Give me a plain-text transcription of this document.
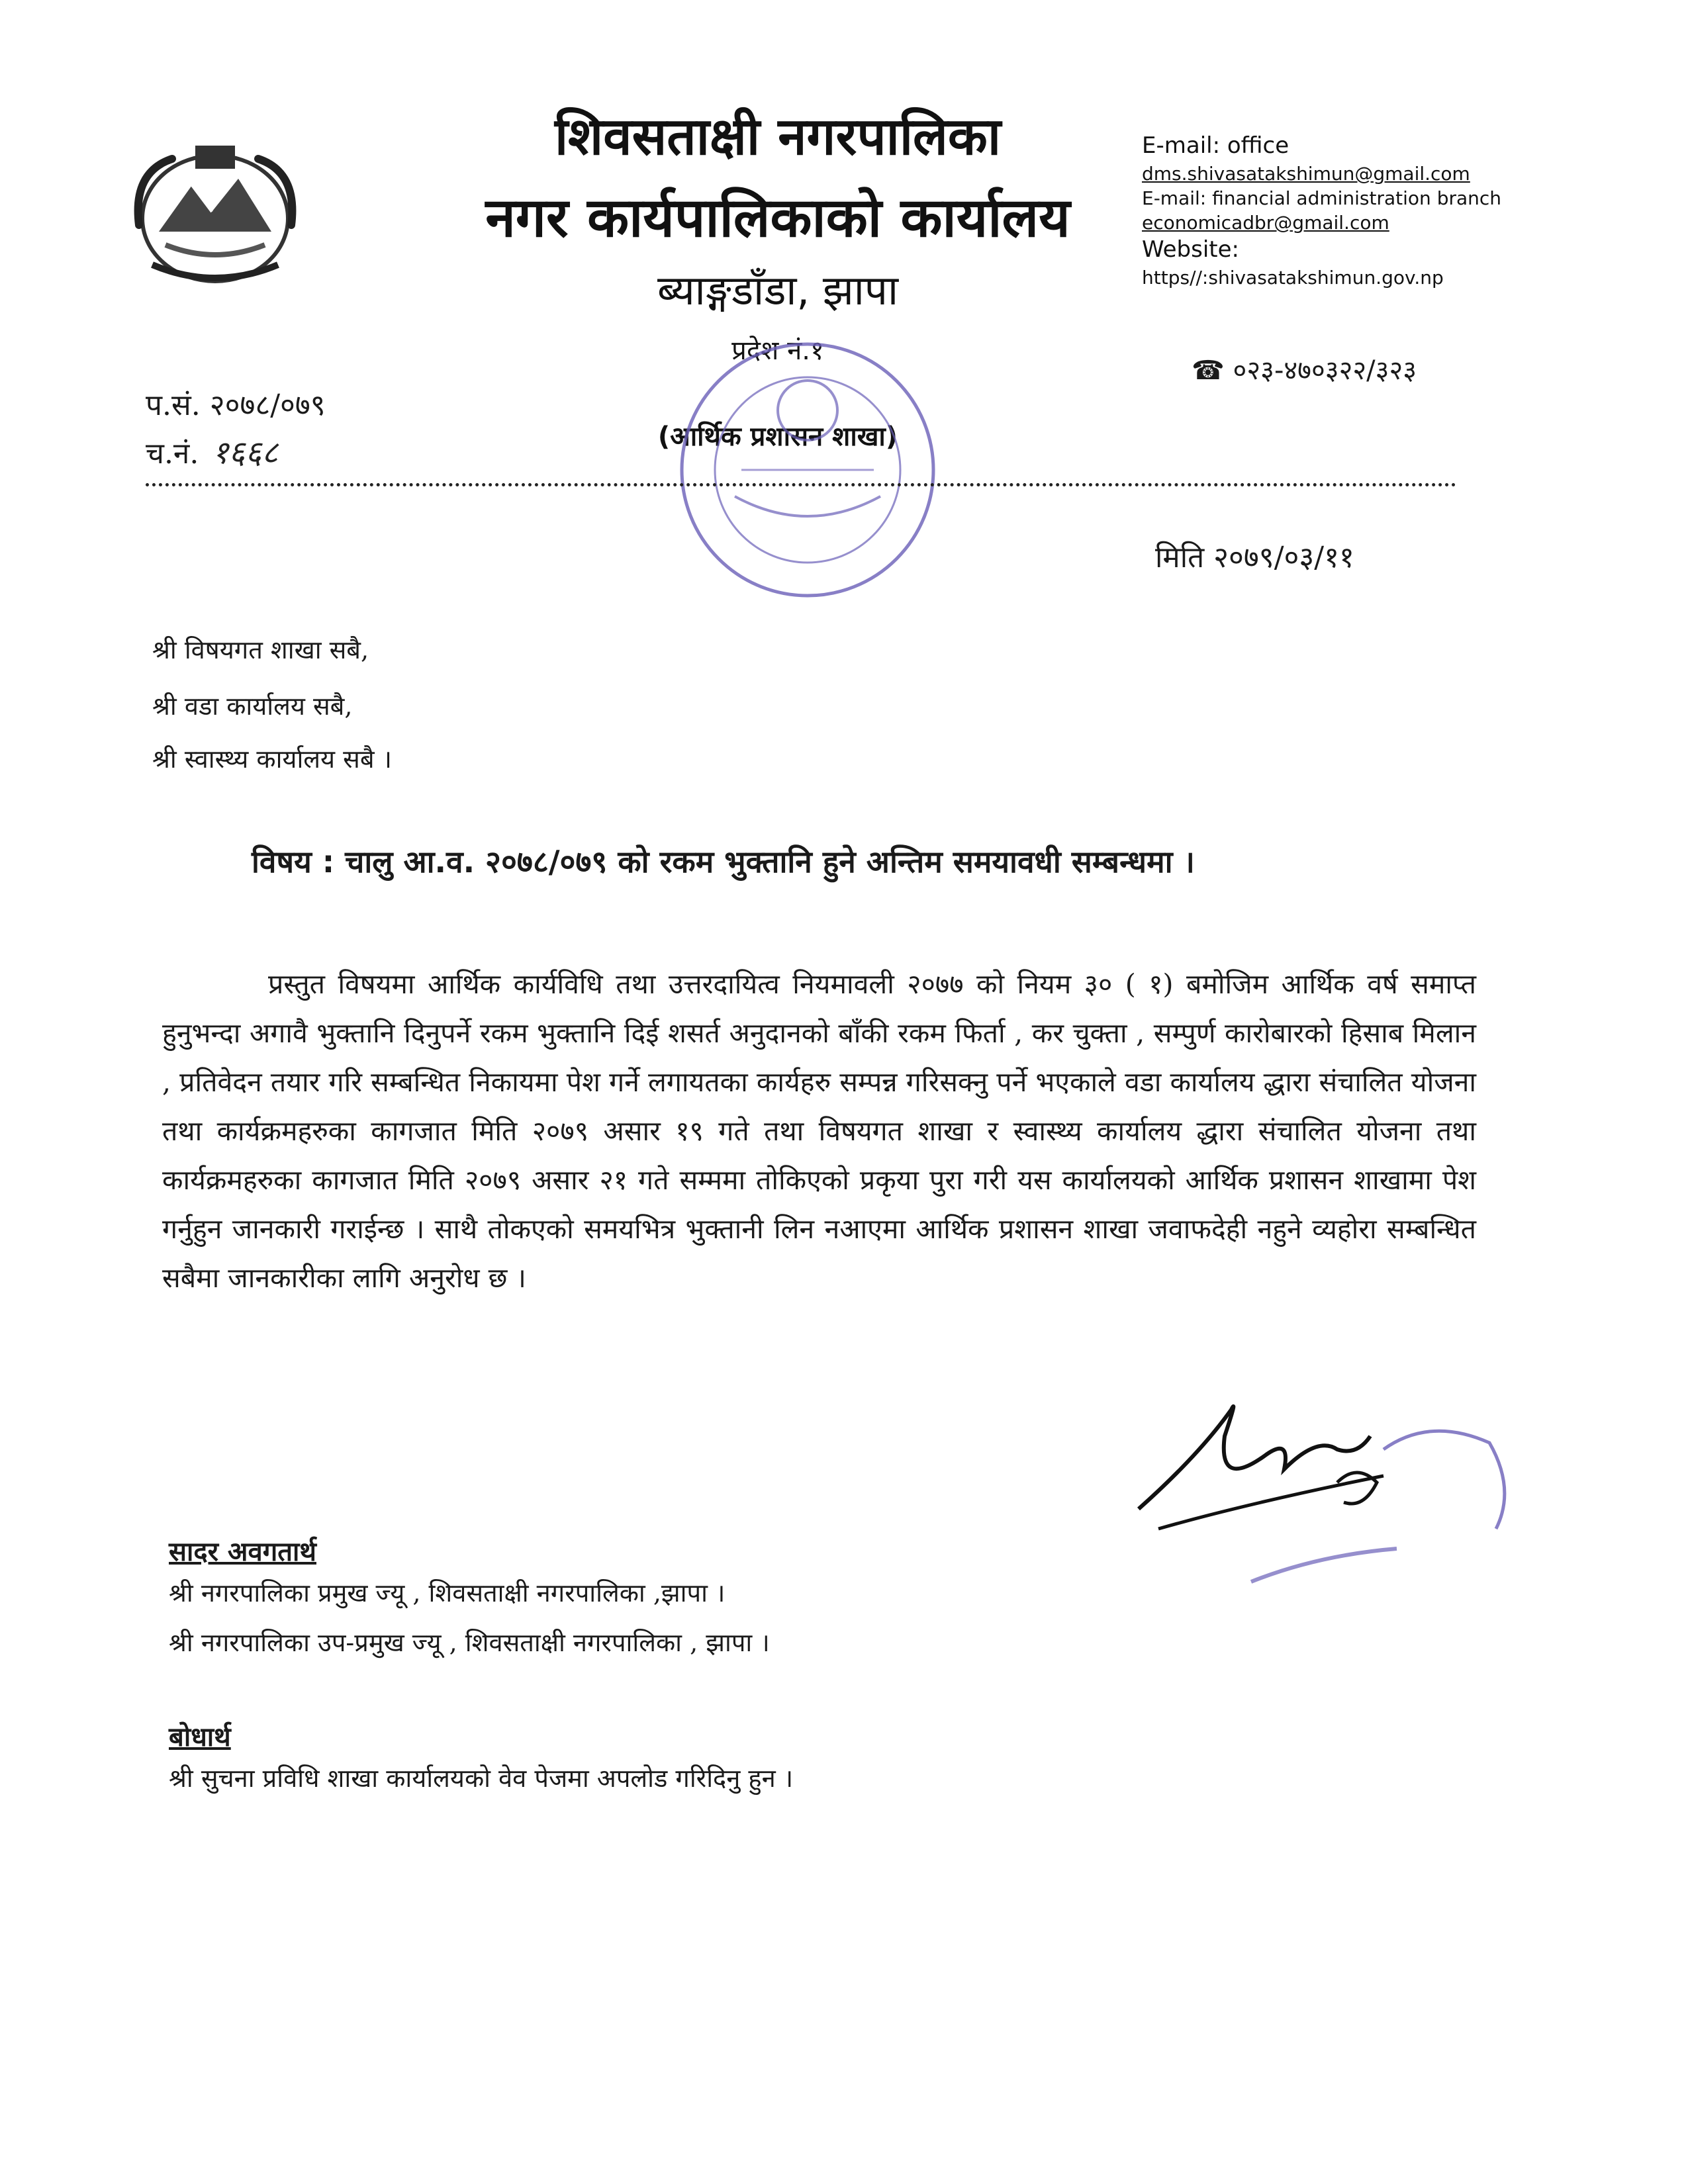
शिवसताक्षी नगरपालिका
नगर कार्यपालिकाको कार्यालय
ब्याङ्गडाँडा, झापा
प्रदेश नं.१
(आर्थिक प्रशासन शाखा)
E-mail: office
dms.shivasatakshimun@gmail.com
E-mail: financial administration branch
economicadbr@gmail.com
Website:
https//:shivasatakshimun.gov.np
☎ ०२३-४७०३२२/३२३
प.सं. २०७८/०७९
च.नं. १६६८
मिति २०७९/०३/११
श्री विषयगत शाखा सबै,
श्री वडा कार्यालय सबै,
श्री स्वास्थ्य कार्यालय सबै ।
विषय : चालु आ.व. २०७८/०७९ को रकम भुक्तानि हुने अन्तिम समयावधी सम्बन्धमा ।
प्रस्तुत विषयमा आर्थिक कार्यविधि तथा उत्तरदायित्व नियमावली २०७७ को नियम ३० ( १) बमोजिम आर्थिक वर्ष समाप्त हुनुभन्दा अगावै भुक्तानि दिनुपर्ने रकम भुक्तानि दिई शसर्त अनुदानको बाँकी रकम फिर्ता , कर चुक्ता , सम्पुर्ण कारोबारको हिसाब मिलान , प्रतिवेदन तयार गरि सम्बन्धित निकायमा पेश गर्ने लगायतका कार्यहरु सम्पन्न गरिसक्नु पर्ने भएकाले वडा कार्यालय द्धारा संचालित योजना तथा कार्यक्रमहरुका कागजात मिति २०७९ असार १९ गते तथा विषयगत शाखा र स्वास्थ्य कार्यालय द्धारा संचालित योजना तथा कार्यक्रमहरुका कागजात मिति २०७९ असार २१ गते सम्ममा तोकिएको प्रकृया पुरा गरी यस कार्यालयको आर्थिक प्रशासन शाखामा पेश गर्नुहुन जानकारी गराईन्छ । साथै तोकएको समयभित्र भुक्तानी लिन नआएमा आर्थिक प्रशासन शाखा जवाफदेही नहुने व्यहोरा सम्बन्धित सबैमा जानकारीका लागि अनुरोध छ ।
सादर अवगतार्थ
श्री नगरपालिका प्रमुख ज्यू , शिवसताक्षी नगरपालिका ,झापा ।
श्री नगरपालिका उप-प्रमुख ज्यू , शिवसताक्षी नगरपालिका , झापा ।
बोधार्थ
श्री सुचना प्रविधि शाखा कार्यालयको वेव पेजमा अपलोड गरिदिनु हुन ।
